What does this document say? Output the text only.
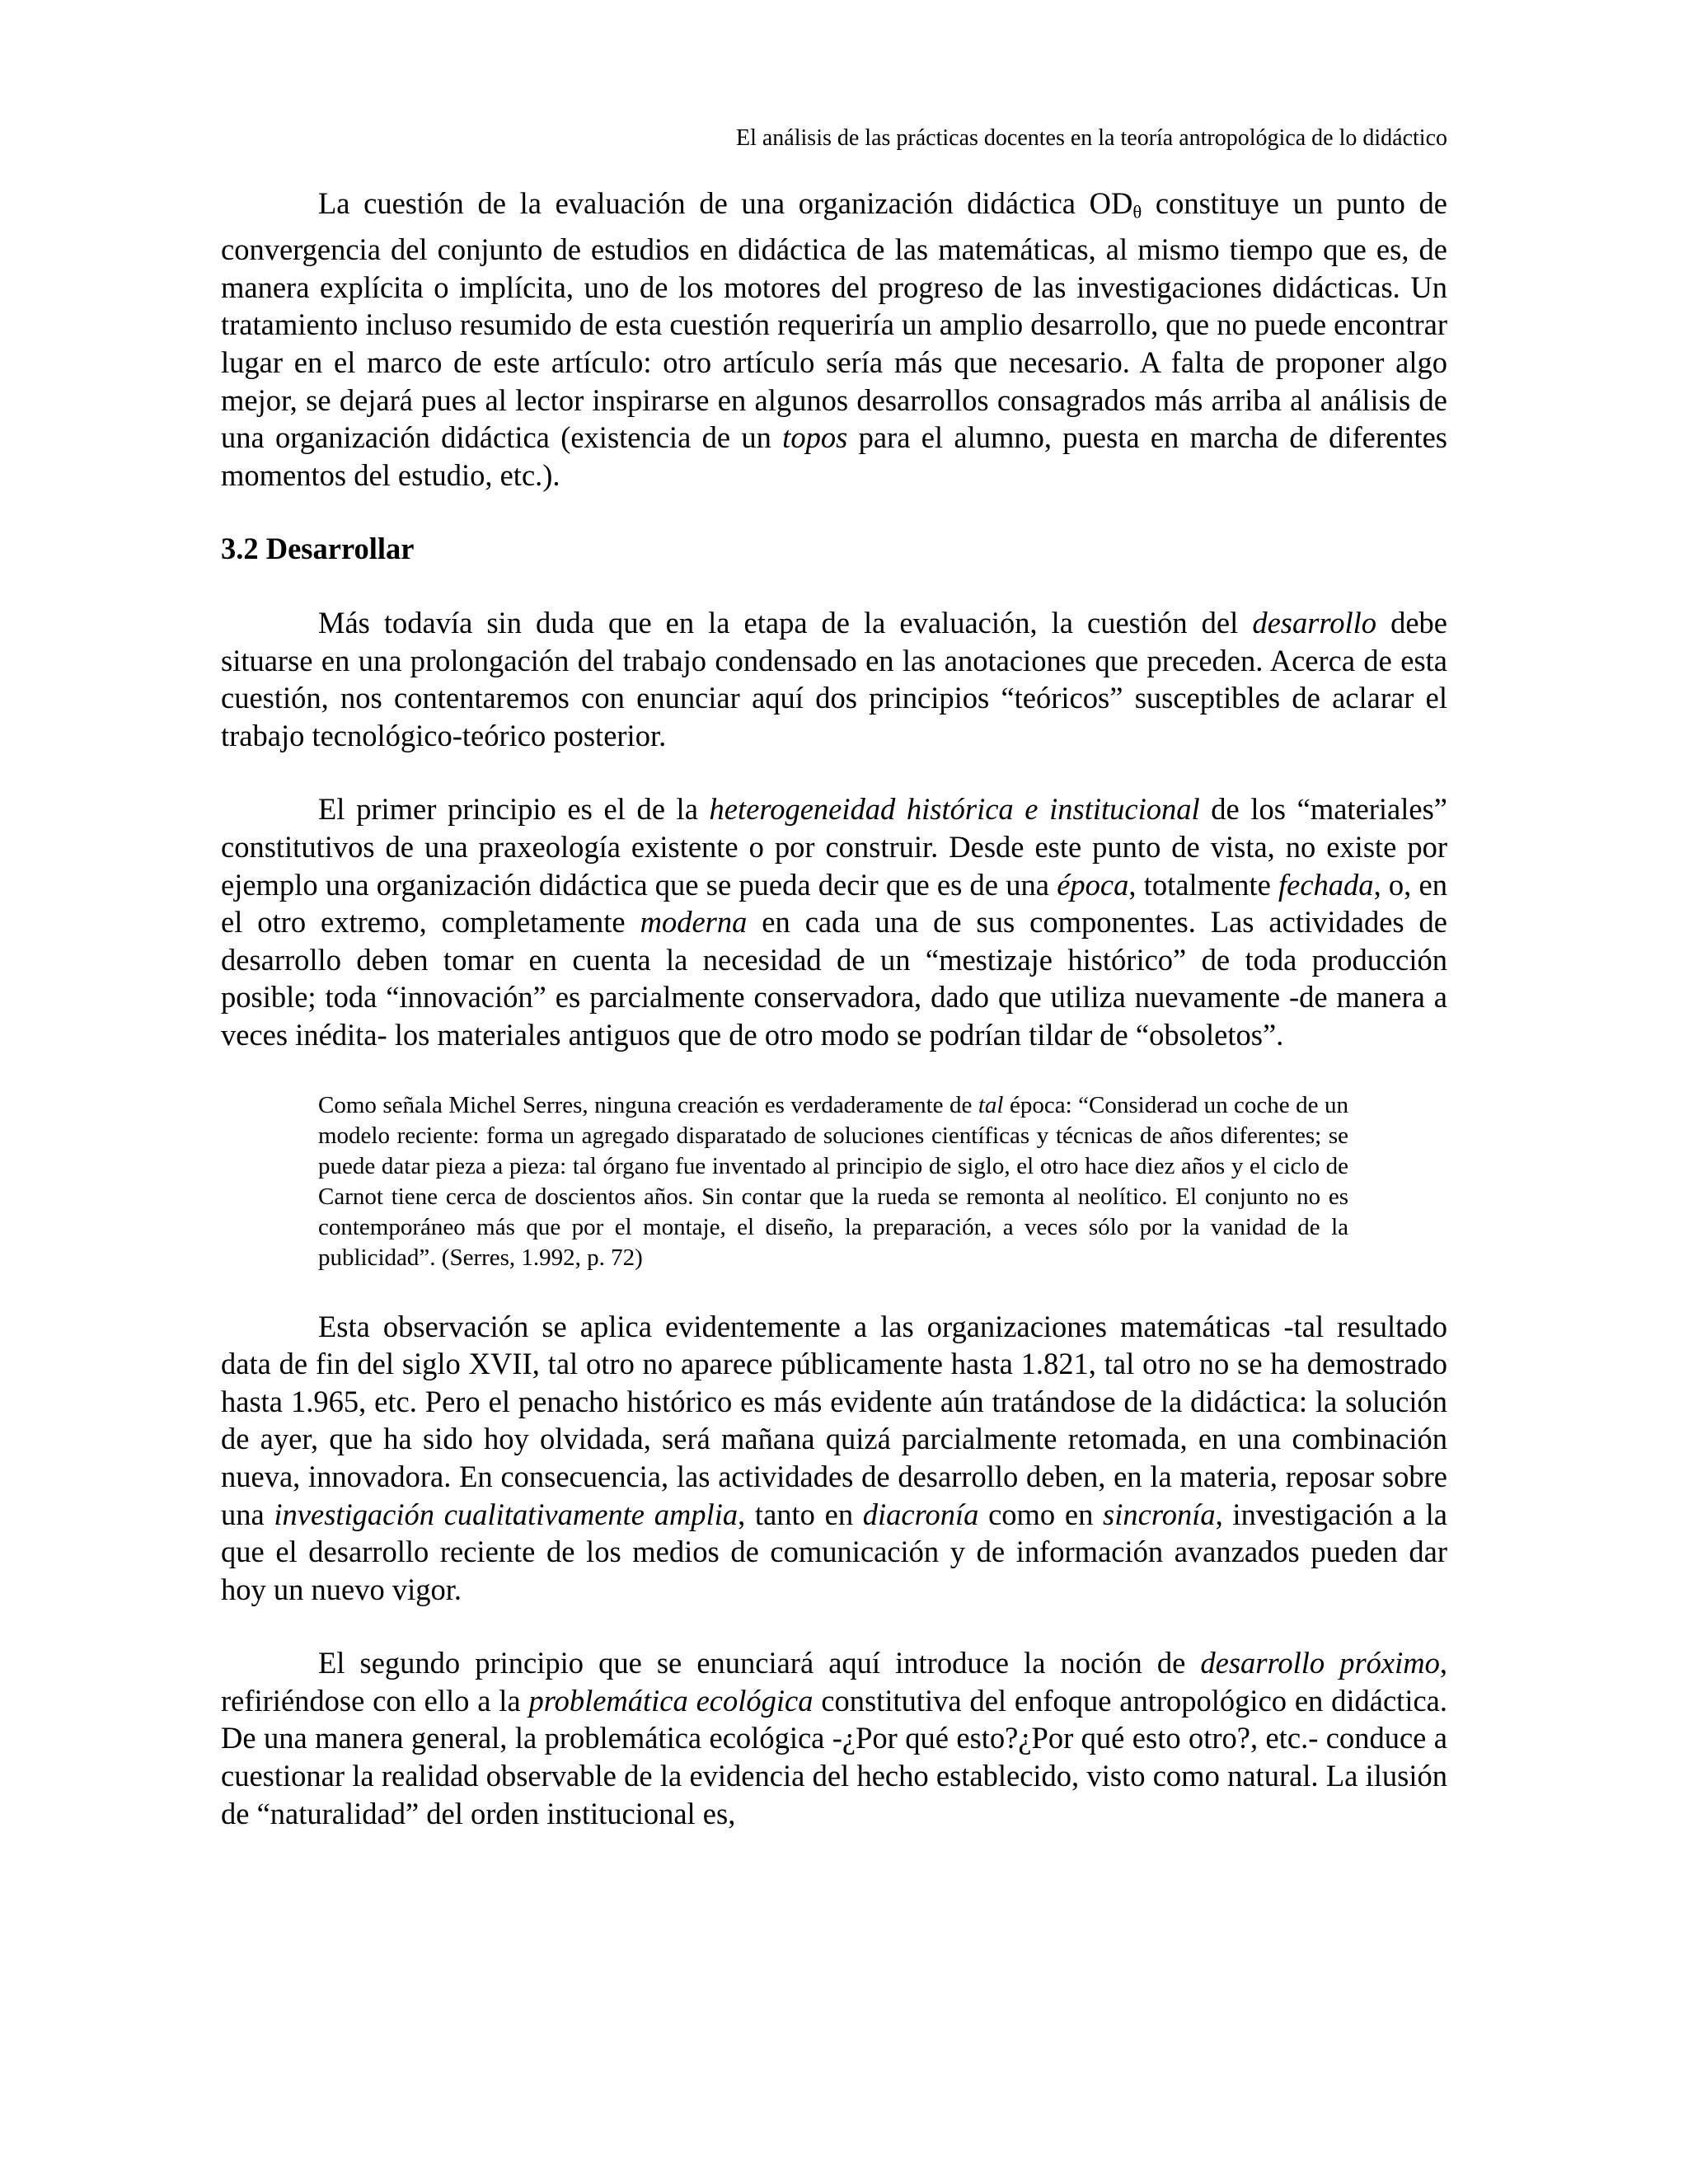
El análisis de las prácticas docentes en la teoría antropológica de lo didáctico

La cuestión de la evaluación de una organización didáctica $OD_\theta$ constituye un punto de convergencia del conjunto de estudios en didáctica de las matemáticas, al mismo tiempo que es, de manera explícita o implícita, uno de los motores del progreso de las investigaciones didácticas. Un tratamiento incluso resumido de esta cuestión requeriría un amplio desarrollo, que no puede encontrar lugar en el marco de este artículo: otro artículo sería más que necesario. A falta de proponer algo mejor, se dejará pues al lector inspirarse en algunos desarrollos consagrados más arriba al análisis de una organización didáctica (existencia de un topos para el alumno, puesta en marcha de diferentes momentos del estudio, etc.).

3.2 Desarrollar

Más todavía sin duda que en la etapa de la evaluación, la cuestión del desarrollo debe situarse en una prolongación del trabajo condensado en las anotaciones que preceden. Acerca de esta cuestión, nos contentaremos con enunciar aquí dos principios “teóricos” susceptibles de aclarar el trabajo tecnológico-teórico posterior.

El primer principio es el de la heterogeneidad histórica e institucional de los “materiales” constitutivos de una praxeología existente o por construir. Desde este punto de vista, no existe por ejemplo una organización didáctica que se pueda decir que es de una época, totalmente fechada, o, en el otro extremo, completamente moderna en cada una de sus componentes. Las actividades de desarrollo deben tomar en cuenta la necesidad de un “mestizaje histórico” de toda producción posible; toda “innovación” es parcialmente conservadora, dado que utiliza nuevamente -de manera a veces inédita- los materiales antiguos que de otro modo se podrían tildar de “obsoletos”.

Como señala Michel Serres, ninguna creación es verdaderamente de tal época: “Considerad un coche de un modelo reciente: forma un agregado disparatado de soluciones científicas y técnicas de años diferentes; se puede datar pieza a pieza: tal órgano fue inventado al principio de siglo, el otro hace diez años y el ciclo de Carnot tiene cerca de doscientos años. Sin contar que la rueda se remonta al neolítico. El conjunto no es contemporáneo más que por el montaje, el diseño, la preparación, a veces sólo por la vanidad de la publicidad”. (Serres, 1.992, p. 72)

Esta observación se aplica evidentemente a las organizaciones matemáticas -tal resultado data de fin del siglo XVII, tal otro no aparece públicamente hasta 1.821, tal otro no se ha demostrado hasta 1.965, etc. Pero el penacho histórico es más evidente aún tratándose de la didáctica: la solución de ayer, que ha sido hoy olvidada, será mañana quizá parcialmente retomada, en una combinación nueva, innovadora. En consecuencia, las actividades de desarrollo deben, en la materia, reposar sobre una investigación cualitativamente amplia, tanto en diacronía como en sincronía, investigación a la que el desarrollo reciente de los medios de comunicación y de información avanzados pueden dar hoy un nuevo vigor.

El segundo principio que se enunciará aquí introduce la noción de desarrollo próximo, refiriéndose con ello a la problemática ecológica constitutiva del enfoque antropológico en didáctica. De una manera general, la problemática ecológica -¿Por qué esto?¿Por qué esto otro?, etc.- conduce a cuestionar la realidad observable de la evidencia del hecho establecido, visto como natural. La ilusión de “naturalidad” del orden institucional es,
